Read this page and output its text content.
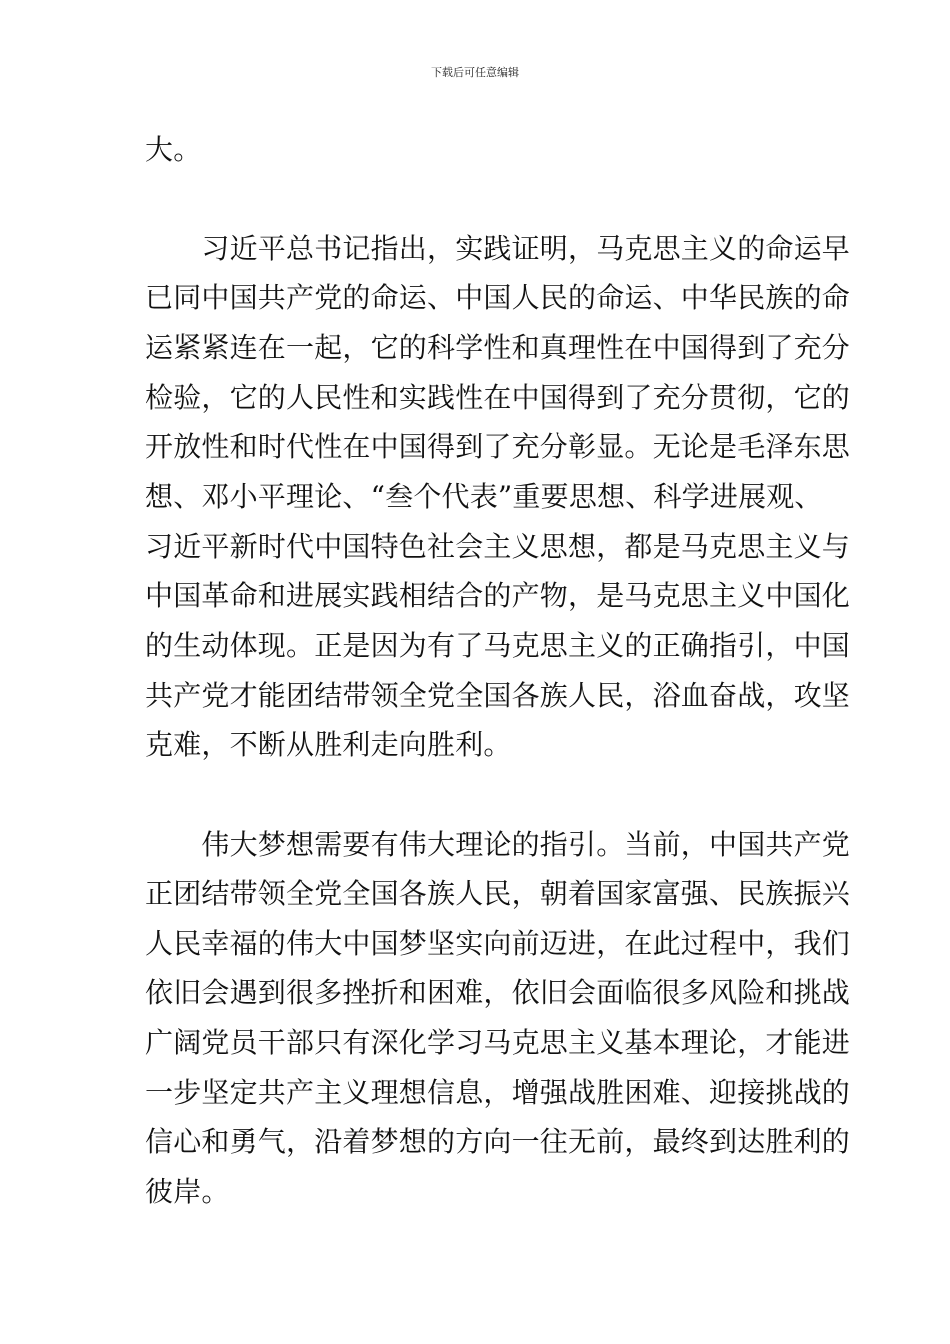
下载后可任意编辑
大。
　　习近平总书记指出，实践证明，马克思主义的命运早
已同中国共产党的命运、中国人民的命运、中华民族的命
运紧紧连在一起，它的科学性和真理性在中国得到了充分
检验，它的人民性和实践性在中国得到了充分贯彻，它的
开放性和时代性在中国得到了充分彰显。无论是毛泽东思
想、邓小平理论、“叁个代表”重要思想、科学进展观、
习近平新时代中国特色社会主义思想，都是马克思主义与
中国革命和进展实践相结合的产物，是马克思主义中国化
的生动体现。正是因为有了马克思主义的正确指引，中国
共产党才能团结带领全党全国各族人民，浴血奋战，攻坚
克难，不断从胜利走向胜利。
　　伟大梦想需要有伟大理论的指引。当前，中国共产党
正团结带领全党全国各族人民，朝着国家富强、民族振兴
人民幸福的伟大中国梦坚实向前迈进，在此过程中，我们
依旧会遇到很多挫折和困难，依旧会面临很多风险和挑战
广阔党员干部只有深化学习马克思主义基本理论，才能进
一步坚定共产主义理想信息，增强战胜困难、迎接挑战的
信心和勇气，沿着梦想的方向一往无前，最终到达胜利的
彼岸。
